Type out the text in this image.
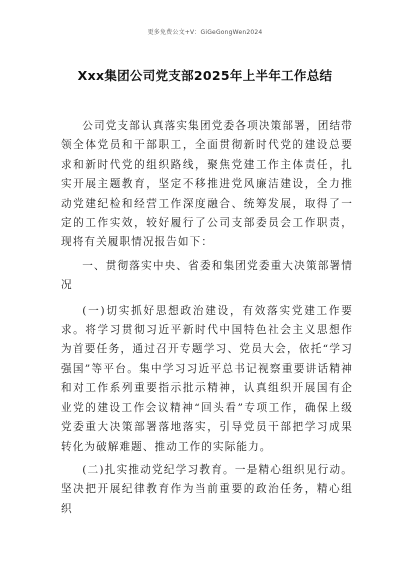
更多免费公文+V：GiGeGongWen2024
Xxx集团公司党支部2025年上半年工作总结

公司党支部认真落实集团党委各项决策部署，团结带领全体党员和干部职工，全面贯彻新时代党的建设总要求和新时代党的组织路线，聚焦党建工作主体责任，扎实开展主题教育，坚定不移推进党风廉洁建设，全力推动党建纪检和经营工作深度融合、统筹发展，取得了一定的工作实效，较好履行了公司支部委员会工作职责，现将有关履职情况报告如下：

一、贯彻落实中央、省委和集团党委重大决策部署情况

(一)切实抓好思想政治建设，有效落实党建工作要求。将学习贯彻习近平新时代中国特色社会主义思想作为首要任务，通过召开专题学习、党员大会，依托“学习强国”等平台。集中学习习近平总书记视察重要讲话精神和对工作系列重要指示批示精神，认真组织开展国有企业党的建设工作会议精神“回头看”专项工作，确保上级党委重大决策部署落地落实，引导党员干部把学习成果转化为破解难题、推动工作的实际能力。

(二)扎实推动党纪学习教育。一是精心组织见行动。坚决把开展纪律教育作为当前重要的政治任务，精心组织
